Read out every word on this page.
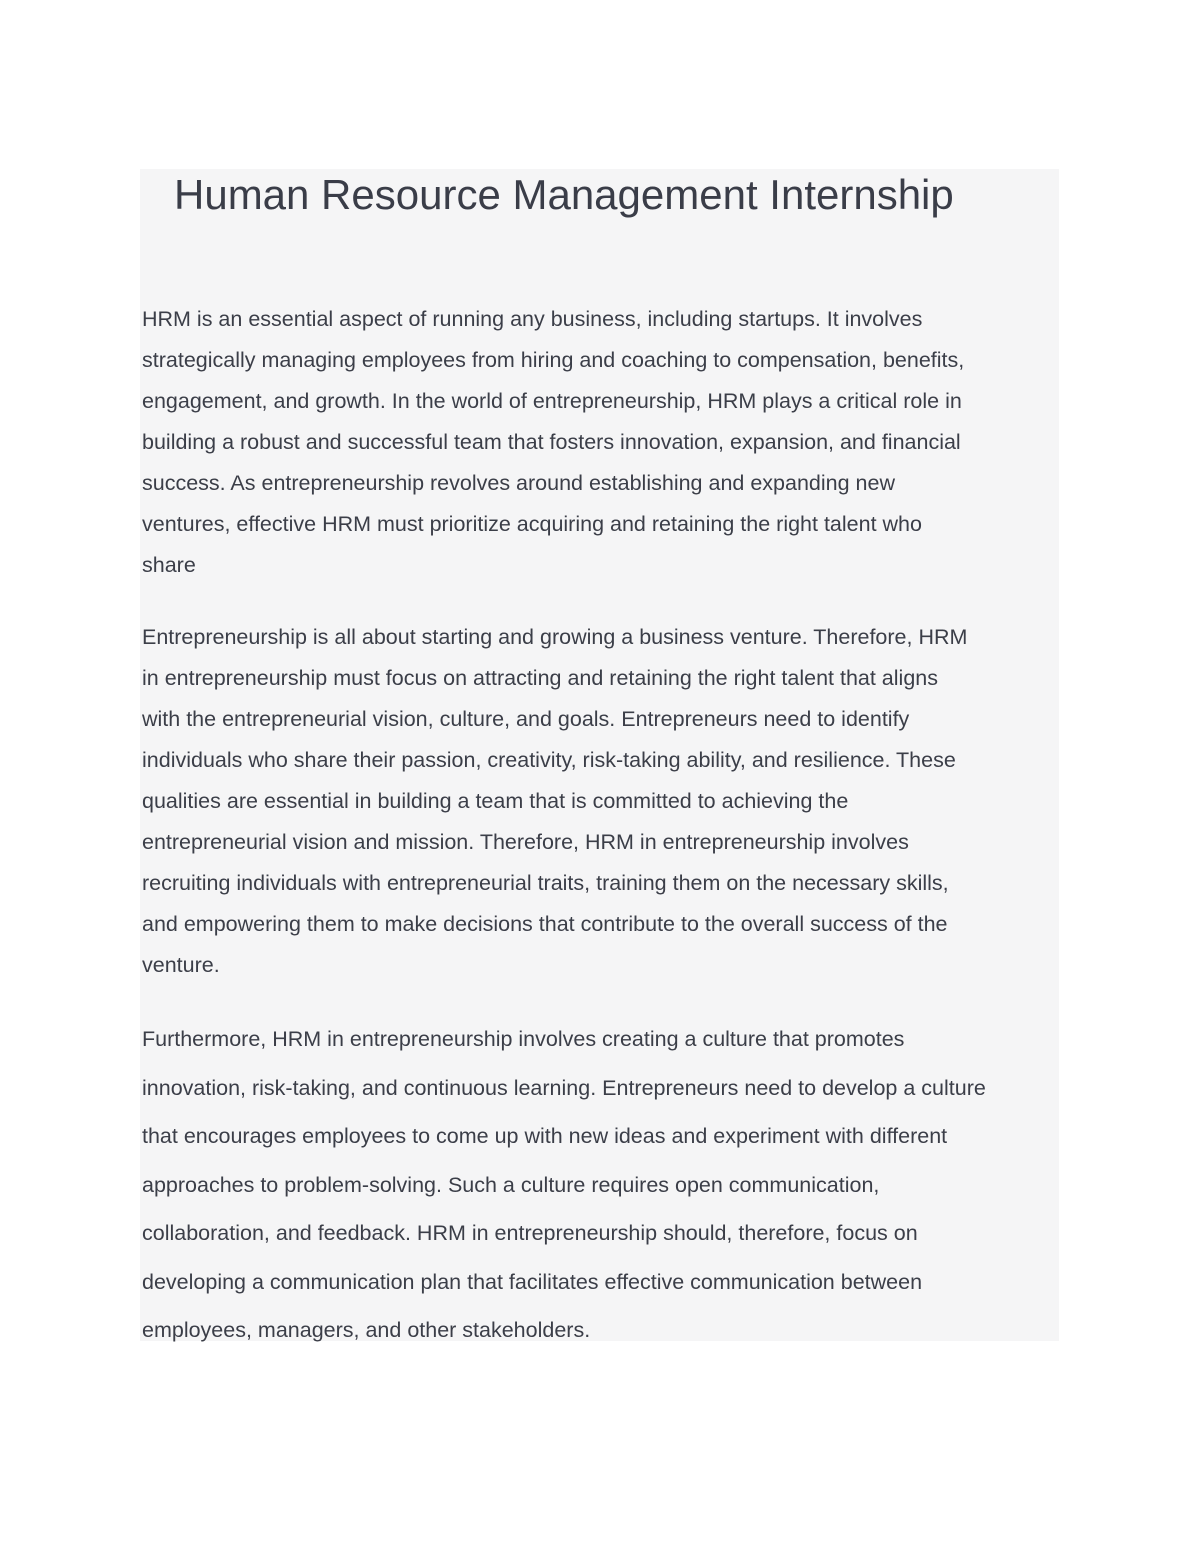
Human Resource Management Internship

HRM is an essential aspect of running any business, including startups. It involves
strategically managing employees from hiring and coaching to compensation, benefits,
engagement, and growth. In the world of entrepreneurship, HRM plays a critical role in
building a robust and successful team that fosters innovation, expansion, and financial
success. As entrepreneurship revolves around establishing and expanding new
ventures, effective HRM must prioritize acquiring and retaining the right talent who
share

Entrepreneurship is all about starting and growing a business venture. Therefore, HRM
in entrepreneurship must focus on attracting and retaining the right talent that aligns
with the entrepreneurial vision, culture, and goals. Entrepreneurs need to identify
individuals who share their passion, creativity, risk-taking ability, and resilience. These
qualities are essential in building a team that is committed to achieving the
entrepreneurial vision and mission. Therefore, HRM in entrepreneurship involves
recruiting individuals with entrepreneurial traits, training them on the necessary skills,
and empowering them to make decisions that contribute to the overall success of the
venture.

Furthermore, HRM in entrepreneurship involves creating a culture that promotes
innovation, risk-taking, and continuous learning. Entrepreneurs need to develop a culture
that encourages employees to come up with new ideas and experiment with different
approaches to problem-solving. Such a culture requires open communication,
collaboration, and feedback. HRM in entrepreneurship should, therefore, focus on
developing a communication plan that facilitates effective communication between
employees, managers, and other stakeholders.
